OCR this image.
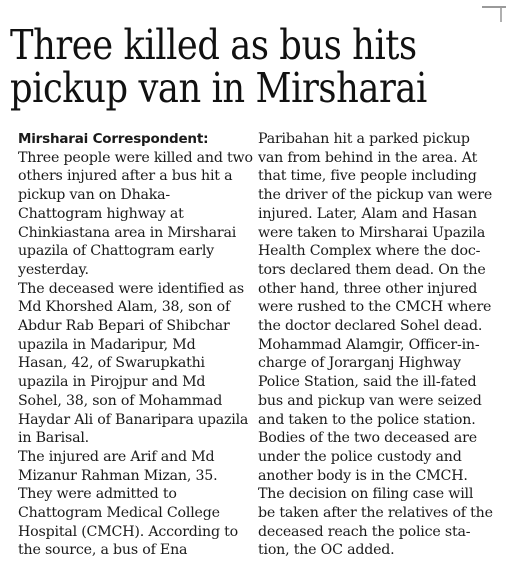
Three killed as bus hits
pickup van in Mirsharai
Mirsharai Correspondent:
Three people were killed and two
others injured after a bus hit a
pickup van on Dhaka-
Chattogram highway at
Chinkiastana area in Mirsharai
upazila of Chattogram early
yesterday.
The deceased were identified as
Md Khorshed Alam, 38, son of
Abdur Rab Bepari of Shibchar
upazila in Madaripur, Md
Hasan, 42, of Swarupkathi
upazila in Pirojpur and Md
Sohel, 38, son of Mohammad
Haydar Ali of Banaripara upazila
in Barisal.
The injured are Arif and Md
Mizanur Rahman Mizan, 35.
They were admitted to
Chattogram Medical College
Hospital (CMCH). According to
the source, a bus of Ena
Paribahan hit a parked pickup
van from behind in the area. At
that time, five people including
the driver of the pickup van were
injured. Later, Alam and Hasan
were taken to Mirsharai Upazila
Health Complex where the doc-
tors declared them dead. On the
other hand, three other injured
were rushed to the CMCH where
the doctor declared Sohel dead.
Mohammad Alamgir, Officer-in-
charge of Jorarganj Highway
Police Station, said the ill-fated
bus and pickup van were seized
and taken to the police station.
Bodies of the two deceased are
under the police custody and
another body is in the CMCH.
The decision on filing case will
be taken after the relatives of the
deceased reach the police sta-
tion, the OC added.
